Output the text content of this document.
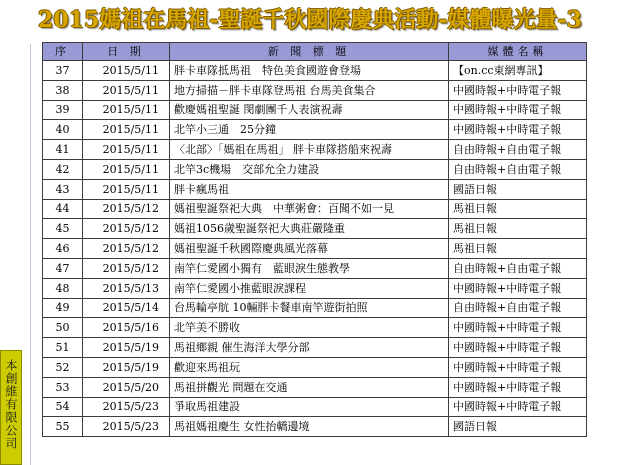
2015媽祖在馬祖-聖誕千秋國際慶典活動-媒體曝光量-3
序	日 期	新 聞 標 題	媒體名稱
37	2015/5/11	胖卡車隊抵馬祖　特色美食國遊會登場	【on.cc東網專訊】
38	2015/5/11	地方掃描－胖卡車隊登馬祖 台馬美食集合	中國時報+中時電子報
39	2015/5/11	歡慶媽祖聖誕 閔劇團千人表演祝壽	中國時報+中時電子報
40	2015/5/11	北竿小三通　25分鐘	中國時報+中時電子報
41	2015/5/11	〈北部〉「媽祖在馬祖」 胖卡車隊搭船來祝壽	自由時報+自由電子報
42	2015/5/11	北竿3c機場　交部允全力建設	自由時報+自由電子報
43	2015/5/11	胖卡瘋馬祖	國語日報
44	2015/5/12	媽祖聖誕祭祀大典　中華粥會：百聞不如一見	馬祖日報
45	2015/5/12	媽祖1056歲聖誕祭祀大典莊嚴隆重	馬祖日報
46	2015/5/12	媽祖聖誕千秋國際慶典風光落幕	馬祖日報
47	2015/5/12	南竿仁愛國小獨有　藍眼淚生態教學	自由時報+自由電子報
48	2015/5/13	南竿仁愛國小推藍眼淚課程	中國時報+中時電子報
49	2015/5/14	台馬輪亭航 10輛胖卡餐車南竿遊街拍照	自由時報+自由電子報
50	2015/5/16	北竿美不勝收	中國時報+中時電子報
51	2015/5/19	馬祖鄉親 催生海洋大學分部	中國時報+中時電子報
52	2015/5/19	歡迎來馬祖玩	中國時報+中時電子報
53	2015/5/20	馬祖拼觀光 問題在交通	中國時報+中時電子報
54	2015/5/23	爭取馬祖建設	中國時報+中時電子報
55	2015/5/23	馬祖媽祖慶生 女性抬轎邊境	國語日報
本創維有限公司
